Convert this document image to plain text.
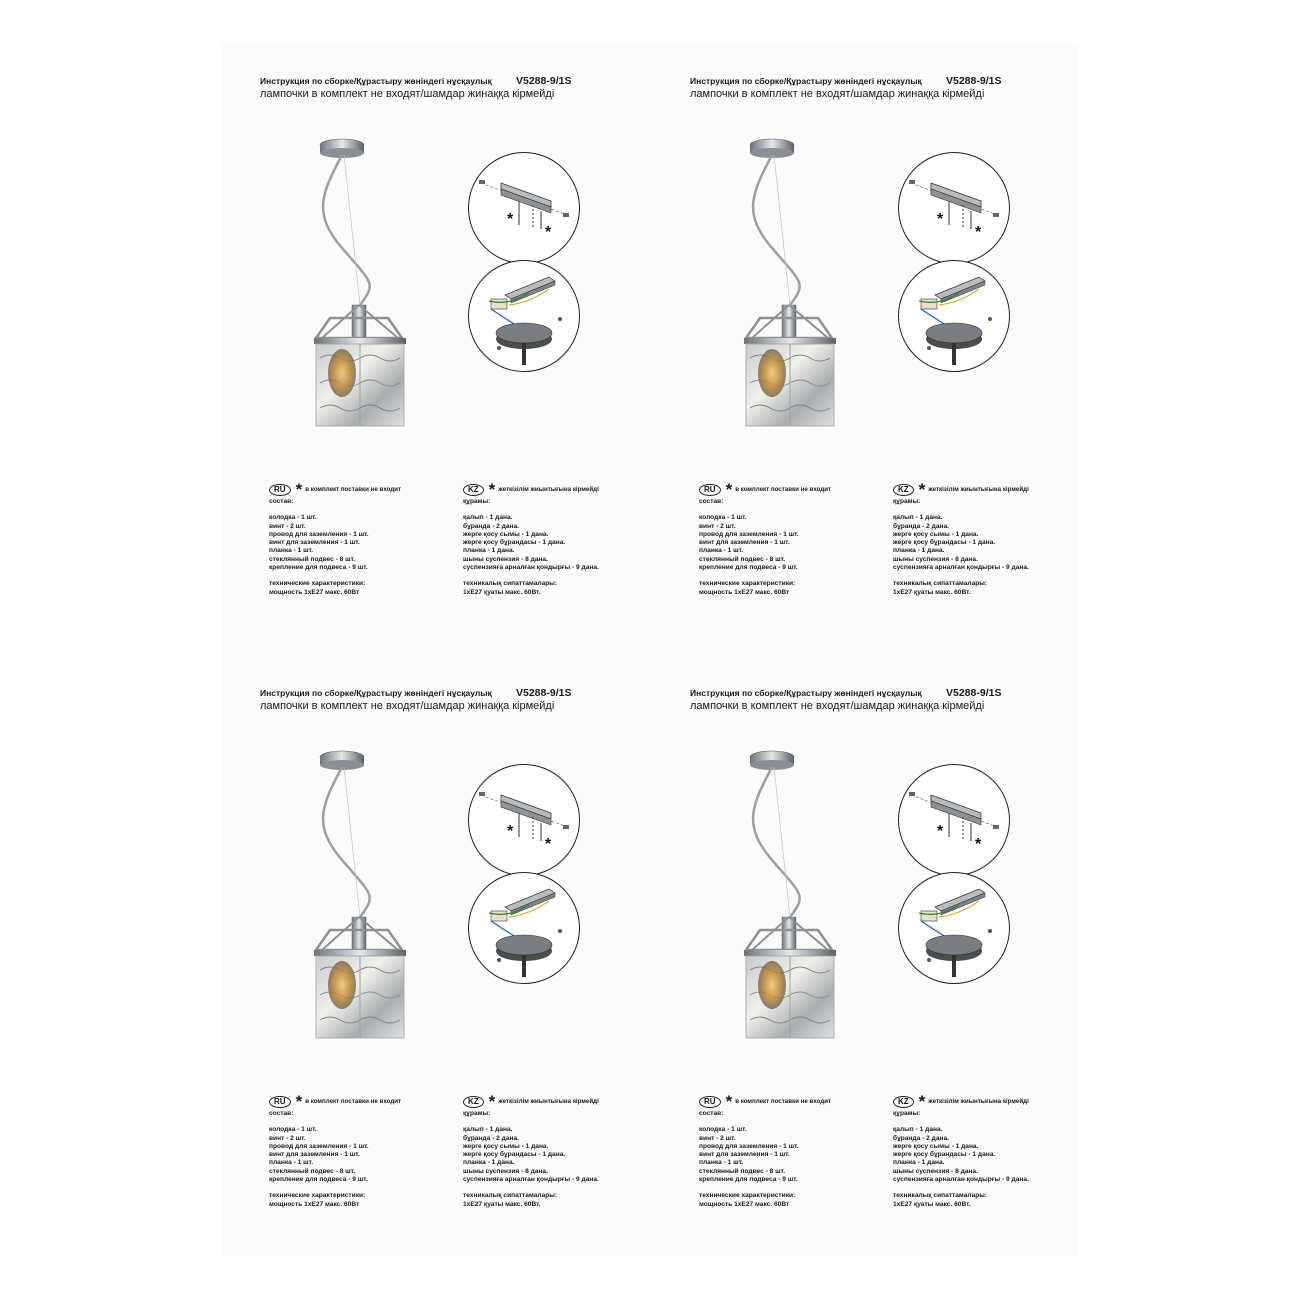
Инструкция по сборке/Құрастыру жөніндегі нұсқаулық V5288-9/1S
лампочки в комплект не входят/шамдар жинаққа кірмейді
*
*
RU * в комплект поставки не входит
состав:
колодка - 1 шт.
винт - 2 шт.
провод для заземления - 1 шт.
винт для заземления - 1 шт.
планка - 1 шт.
стеклянный подвес - 8 шт.
крепление для подвеса - 9 шт.
технические характеристики:
мощность 1xE27 макс. 60Вт
KZ * жеткізілім жиынтығына кірмейді
құрамы:
қалып - 1 дана.
бұранда - 2 дана.
жерге қосу сымы - 1 дана.
жерге қосу бұрандасы - 1 дана.
планка - 1 дана.
шыны суспензия - 8 дана.
суспензияға арналған қондырғы - 9 дана.
техникалық сипаттамалары:
1xE27 қуаты макс. 60Вт.
Инструкция по сборке/Құрастыру жөніндегі нұсқаулық V5288-9/1S
лампочки в комплект не входят/шамдар жинаққа кірмейді
*
*
RU * в комплект поставки не входит
состав:
колодка - 1 шт.
винт - 2 шт.
провод для заземления - 1 шт.
винт для заземления - 1 шт.
планка - 1 шт.
стеклянный подвес - 8 шт.
крепление для подвеса - 9 шт.
технические характеристики:
мощность 1xE27 макс. 60Вт
KZ * жеткізілім жиынтығына кірмейді
құрамы:
қалып - 1 дана.
бұранда - 2 дана.
жерге қосу сымы - 1 дана.
жерге қосу бұрандасы - 1 дана.
планка - 1 дана.
шыны суспензия - 8 дана.
суспензияға арналған қондырғы - 9 дана.
техникалық сипаттамалары:
1xE27 қуаты макс. 60Вт.
Инструкция по сборке/Құрастыру жөніндегі нұсқаулық V5288-9/1S
лампочки в комплект не входят/шамдар жинаққа кірмейді
*
*
RU * в комплект поставки не входит
состав:
колодка - 1 шт.
винт - 2 шт.
провод для заземления - 1 шт.
винт для заземления - 1 шт.
планка - 1 шт.
стеклянный подвес - 8 шт.
крепление для подвеса - 9 шт.
технические характеристики:
мощность 1xE27 макс. 60Вт
KZ * жеткізілім жиынтығына кірмейді
құрамы:
қалып - 1 дана.
бұранда - 2 дана.
жерге қосу сымы - 1 дана.
жерге қосу бұрандасы - 1 дана.
планка - 1 дана.
шыны суспензия - 8 дана.
суспензияға арналған қондырғы - 9 дана.
техникалық сипаттамалары:
1xE27 қуаты макс. 60Вт.
Инструкция по сборке/Құрастыру жөніндегі нұсқаулық V5288-9/1S
лампочки в комплект не входят/шамдар жинаққа кірмейді
*
*
RU * в комплект поставки не входит
состав:
колодка - 1 шт.
винт - 2 шт.
провод для заземления - 1 шт.
винт для заземления - 1 шт.
планка - 1 шт.
стеклянный подвес - 8 шт.
крепление для подвеса - 9 шт.
технические характеристики:
мощность 1xE27 макс. 60Вт
KZ * жеткізілім жиынтығына кірмейді
құрамы:
қалып - 1 дана.
бұранда - 2 дана.
жерге қосу сымы - 1 дана.
жерге қосу бұрандасы - 1 дана.
планка - 1 дана.
шыны суспензия - 8 дана.
суспензияға арналған қондырғы - 9 дана.
техникалық сипаттамалары:
1xE27 қуаты макс. 60Вт.
